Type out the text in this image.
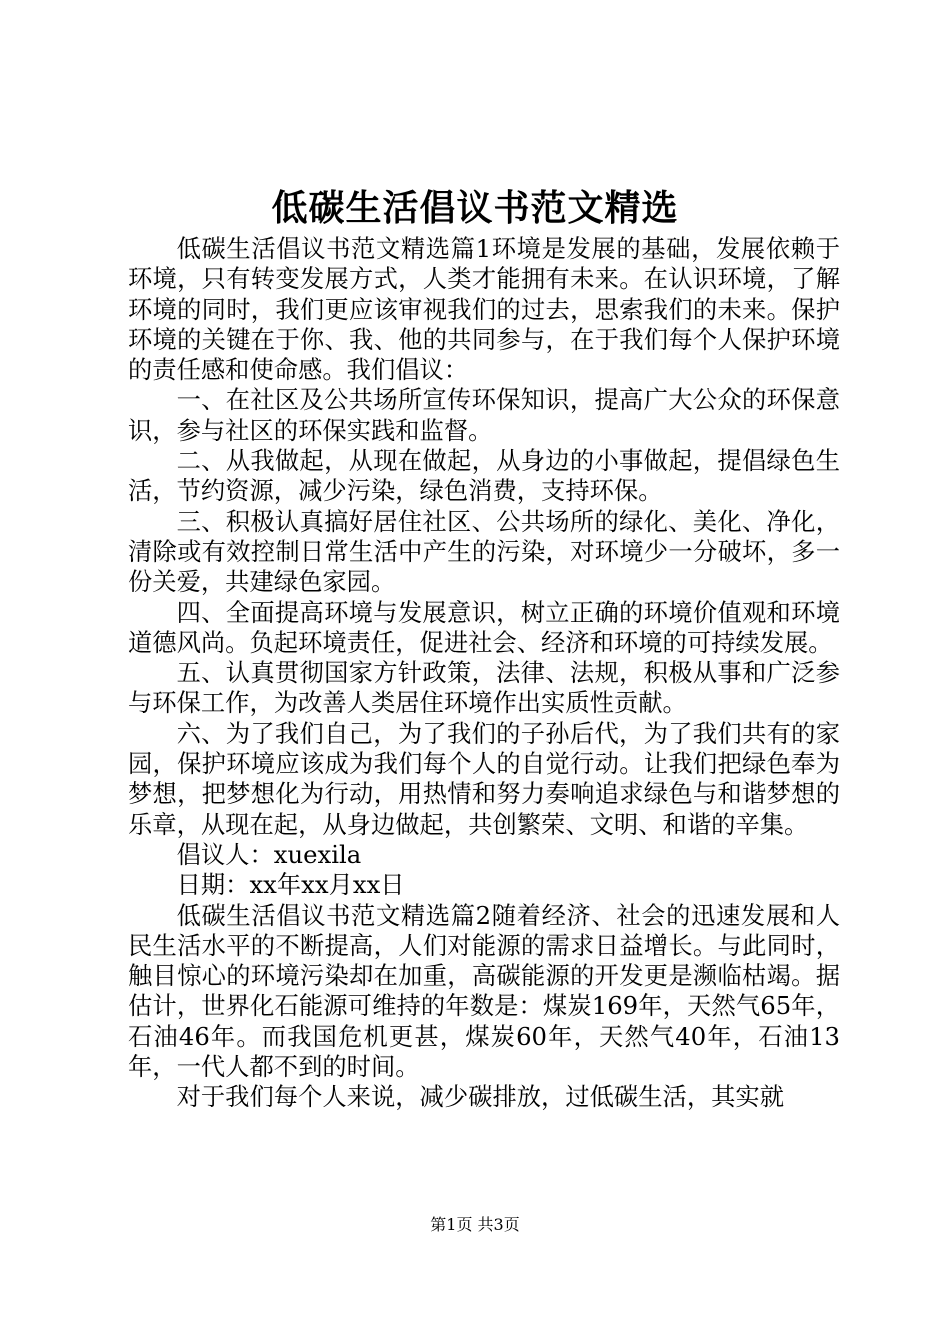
低碳生活倡议书范文精选

低碳生活倡议书范文精选篇1环境是发展的基础，发展依赖于环境，只有转变发展方式，人类才能拥有未来。在认识环境，了解环境的同时，我们更应该审视我们的过去，思索我们的未来。保护环境的关键在于你、我、他的共同参与，在于我们每个人保护环境的责任感和使命感。我们倡议：

一、在社区及公共场所宣传环保知识，提高广大公众的环保意识，参与社区的环保实践和监督。

二、从我做起，从现在做起，从身边的小事做起，提倡绿色生活，节约资源，减少污染，绿色消费，支持环保。

三、积极认真搞好居住社区、公共场所的绿化、美化、净化，清除或有效控制日常生活中产生的污染，对环境少一分破坏，多一份关爱，共建绿色家园。

四、全面提高环境与发展意识，树立正确的环境价值观和环境道德风尚。负起环境责任，促进社会、经济和环境的可持续发展。

五、认真贯彻国家方针政策，法律、法规，积极从事和广泛参与环保工作，为改善人类居住环境作出实质性贡献。

六、为了我们自己，为了我们的子孙后代，为了我们共有的家园，保护环境应该成为我们每个人的自觉行动。让我们把绿色奉为梦想，把梦想化为行动，用热情和努力奏响追求绿色与和谐梦想的乐章，从现在起，从身边做起，共创繁荣、文明、和谐的辛集。

倡议人：xuexila

日期：xx年xx月xx日

低碳生活倡议书范文精选篇2随着经济、社会的迅速发展和人民生活水平的不断提高，人们对能源的需求日益增长。与此同时，触目惊心的环境污染却在加重，高碳能源的开发更是濒临枯竭。据估计，世界化石能源可维持的年数是：煤炭169年，天然气65年，石油46年。而我国危机更甚，煤炭60年，天然气40年，石油13年，一代人都不到的时间。

对于我们每个人来说，减少碳排放，过低碳生活，其实就

第1页 共3页
